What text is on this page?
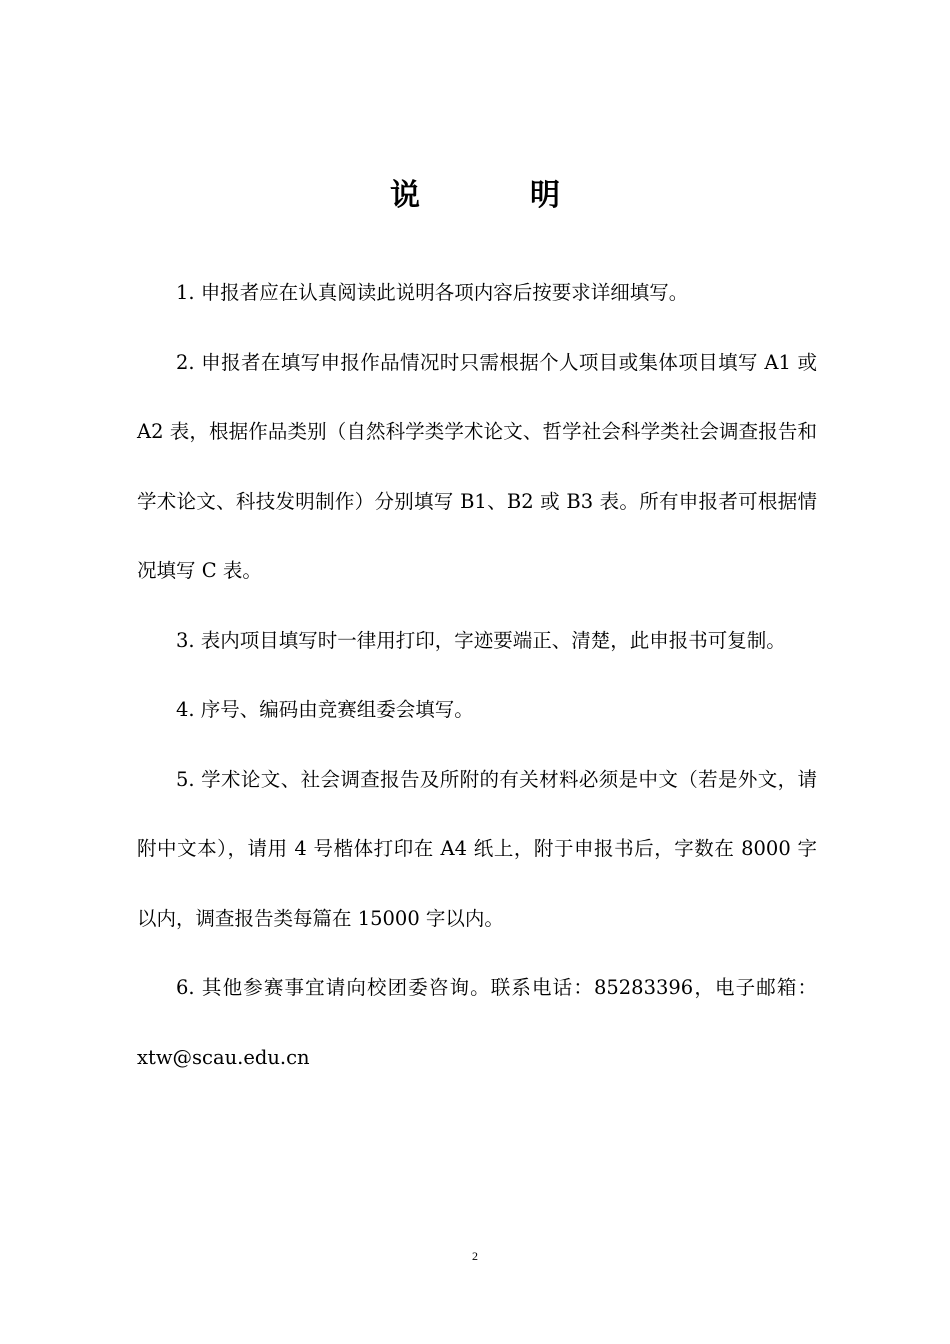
说	明

1. 申报者应在认真阅读此说明各项内容后按要求详细填写。

2. 申报者在填写申报作品情况时只需根据个人项目或集体项目填写 A1 或 A2 表，根据作品类别（自然科学类学术论文、哲学社会科学类社会调查报告和学术论文、科技发明制作）分别填写 B1、B2 或 B3 表。所有申报者可根据情况填写 C 表。

3. 表内项目填写时一律用打印，字迹要端正、清楚，此申报书可复制。

4. 序号、编码由竞赛组委会填写。

5. 学术论文、社会调查报告及所附的有关材料必须是中文（若是外文，请附中文本），请用 4 号楷体打印在 A4 纸上，附于申报书后，字数在 8000 字以内，调查报告类每篇在 15000 字以内。

6. 其他参赛事宜请向校团委咨询。联系电话：85283396，电子邮箱：xtw@scau.edu.cn

2
